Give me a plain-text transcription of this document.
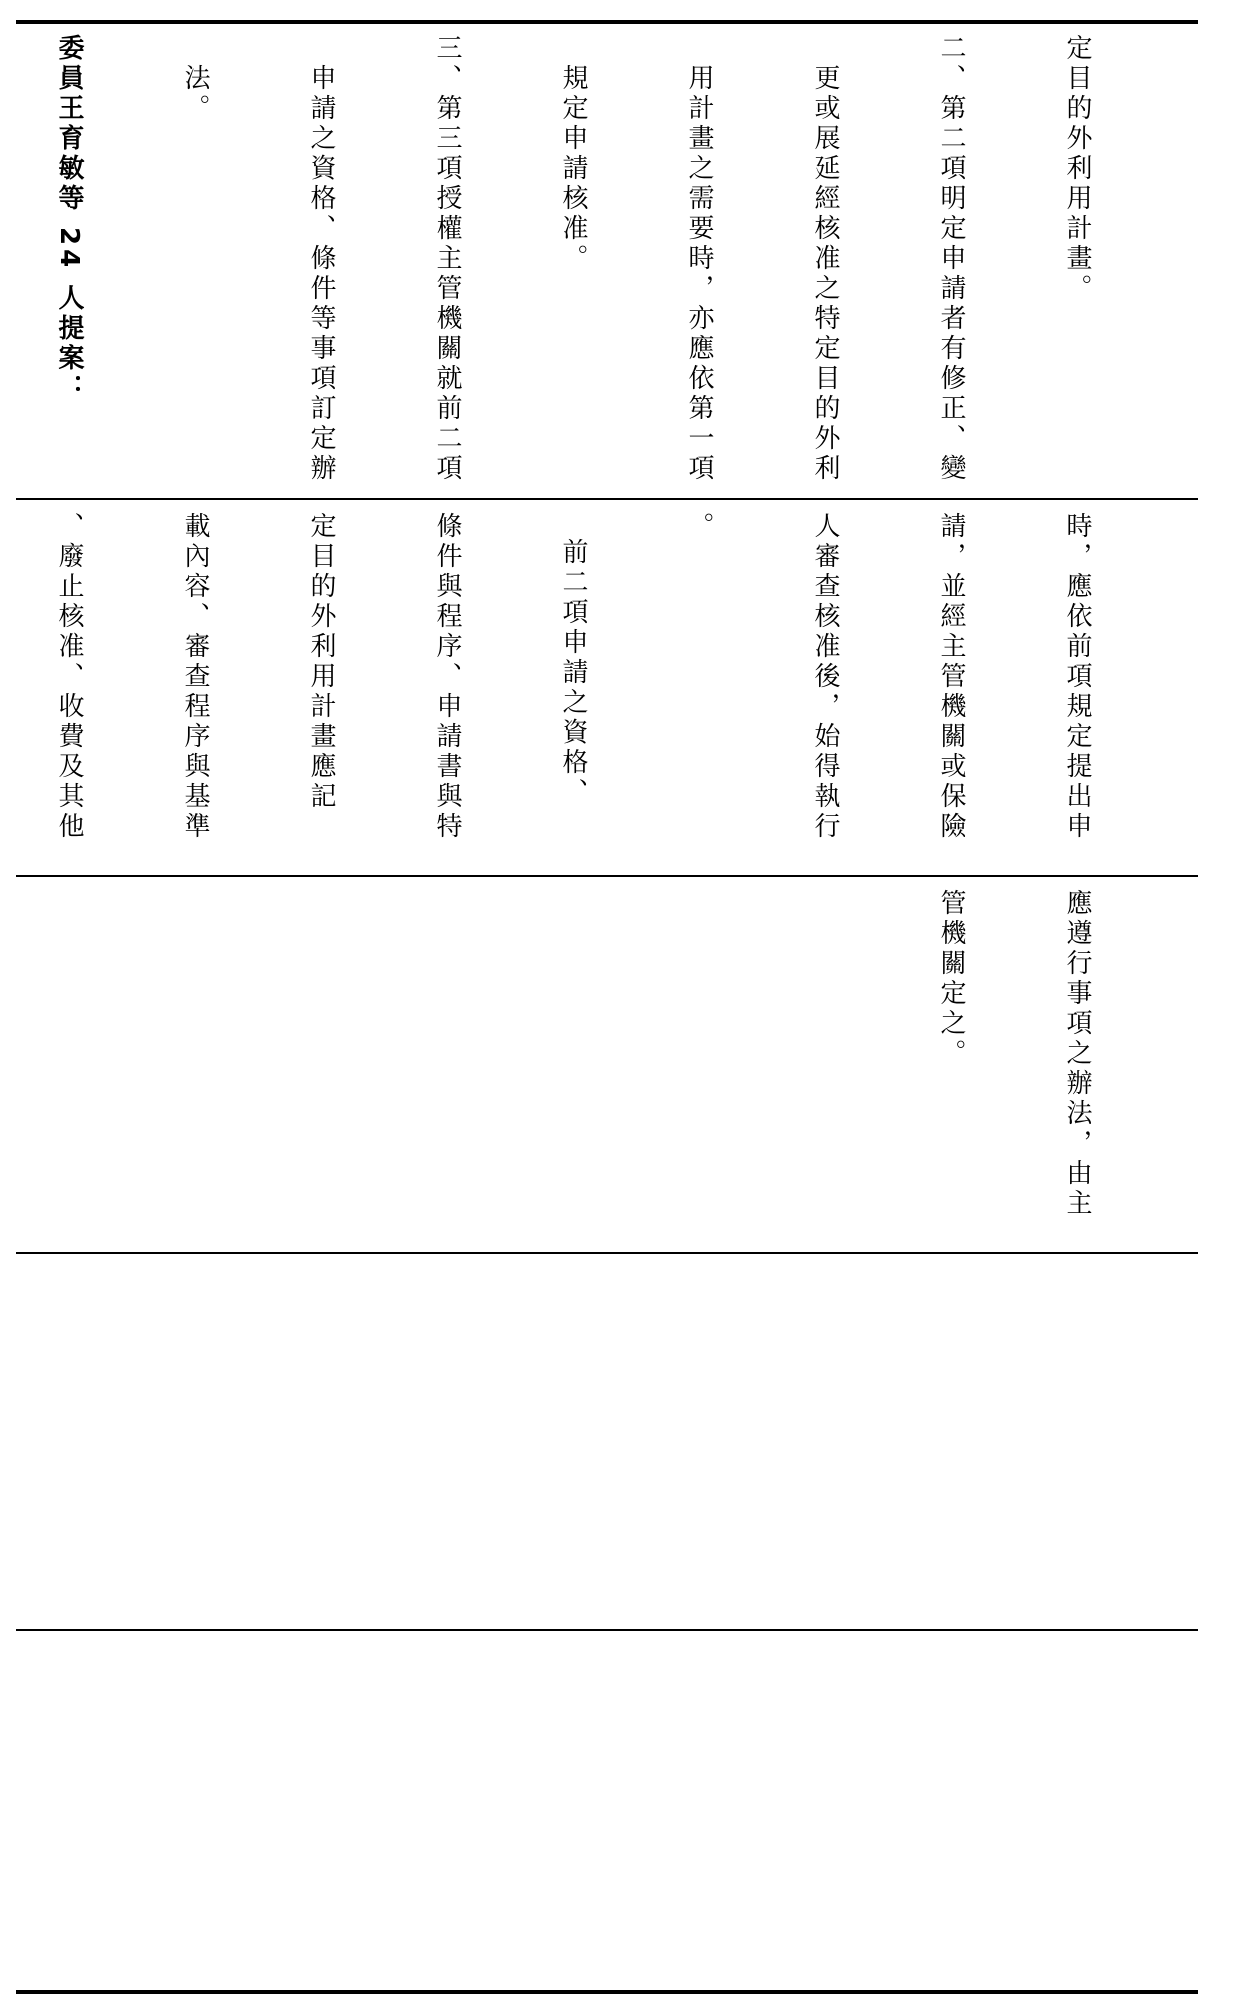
定目的外利用計畫。

二、第二項明定申請者有修正、變

　更或展延經核准之特定目的外利

　用計畫之需要時，亦應依第一項

　規定申請核准。

三、第三項授權主管機關就前二項

　申請之資格、條件等事項訂定辦

　法。

委員王育敏等 24 人提案：

時，應依前項規定提出申

請，並經主管機關或保險

人審查核准後，始得執行

。

前二項申請之資格、

條件與程序、申請書與特

定目的外利用計畫應記

載內容、審查程序與基準

、廢止核准、收費及其他

應遵行事項之辦法，由主

管機關定之。
